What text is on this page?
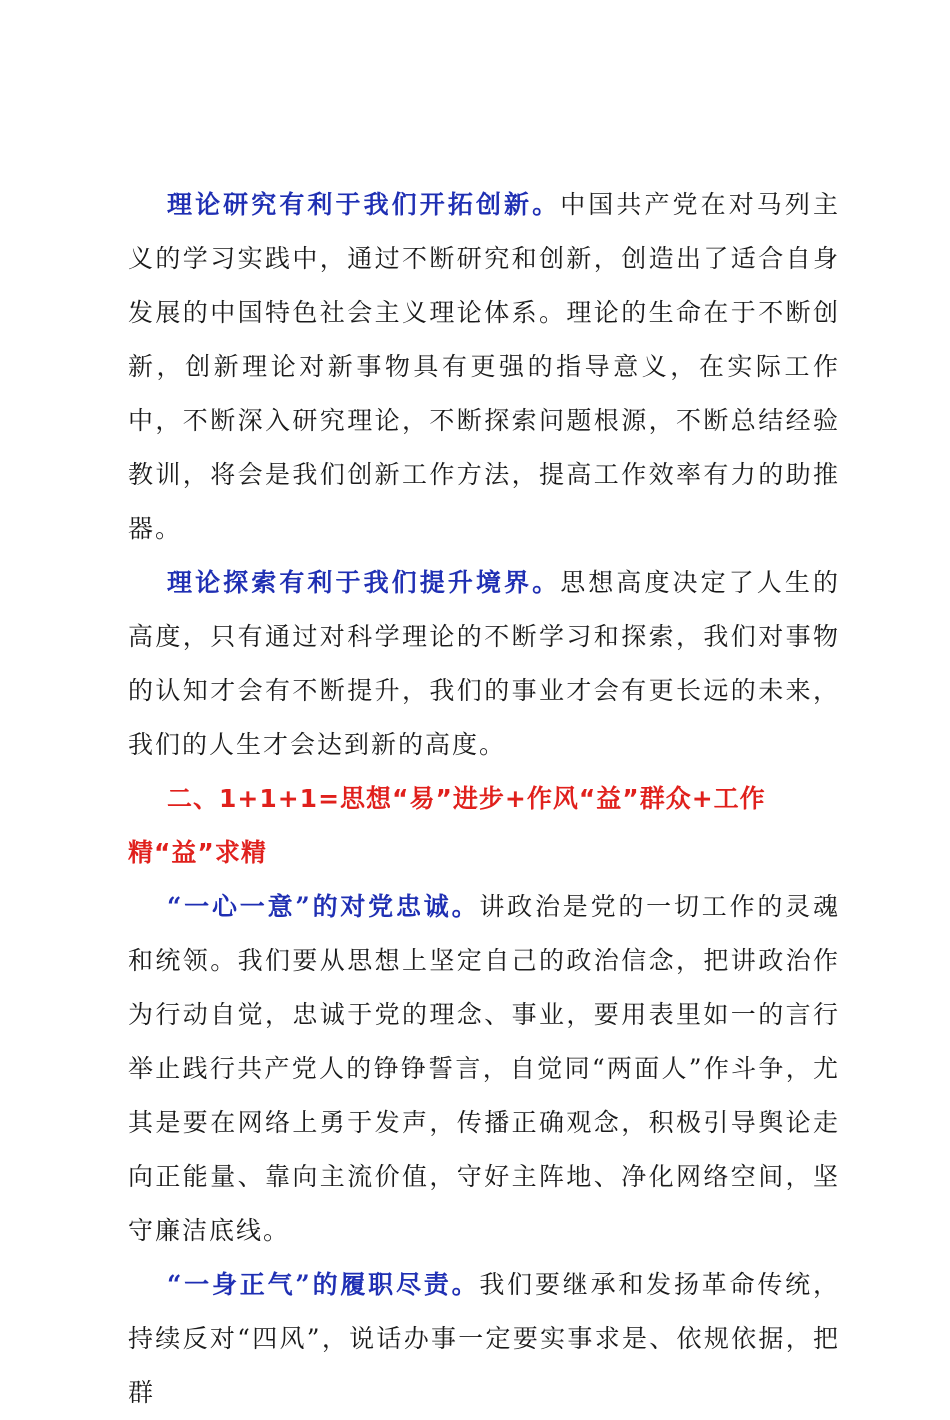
理论研究有利于我们开拓创新。中国共产党在对马列主义的学习实践中，通过不断研究和创新，创造出了适合自身发展的中国特色社会主义理论体系。理论的生命在于不断创新，创新理论对新事物具有更强的指导意义，在实际工作中，不断深入研究理论，不断探索问题根源，不断总结经验教训，将会是我们创新工作方法，提高工作效率有力的助推器。

理论探索有利于我们提升境界。思想高度决定了人生的高度，只有通过对科学理论的不断学习和探索，我们对事物的认知才会有不断提升，我们的事业才会有更长远的未来，我们的人生才会达到新的高度。

二、1+1+1=思想“易”进步+作风“益”群众+工作精“益”求精

“一心一意”的对党忠诚。讲政治是党的一切工作的灵魂和统领。我们要从思想上坚定自己的政治信念，把讲政治作为行动自觉，忠诚于党的理念、事业，要用表里如一的言行举止践行共产党人的铮铮誓言，自觉同“两面人”作斗争，尤其是要在网络上勇于发声，传播正确观念，积极引导舆论走向正能量、靠向主流价值，守好主阵地、净化网络空间，坚守廉洁底线。

“一身正气”的履职尽责。我们要继承和发扬革命传统，持续反对“四风”，说话办事一定要实事求是、依规依据，把群
